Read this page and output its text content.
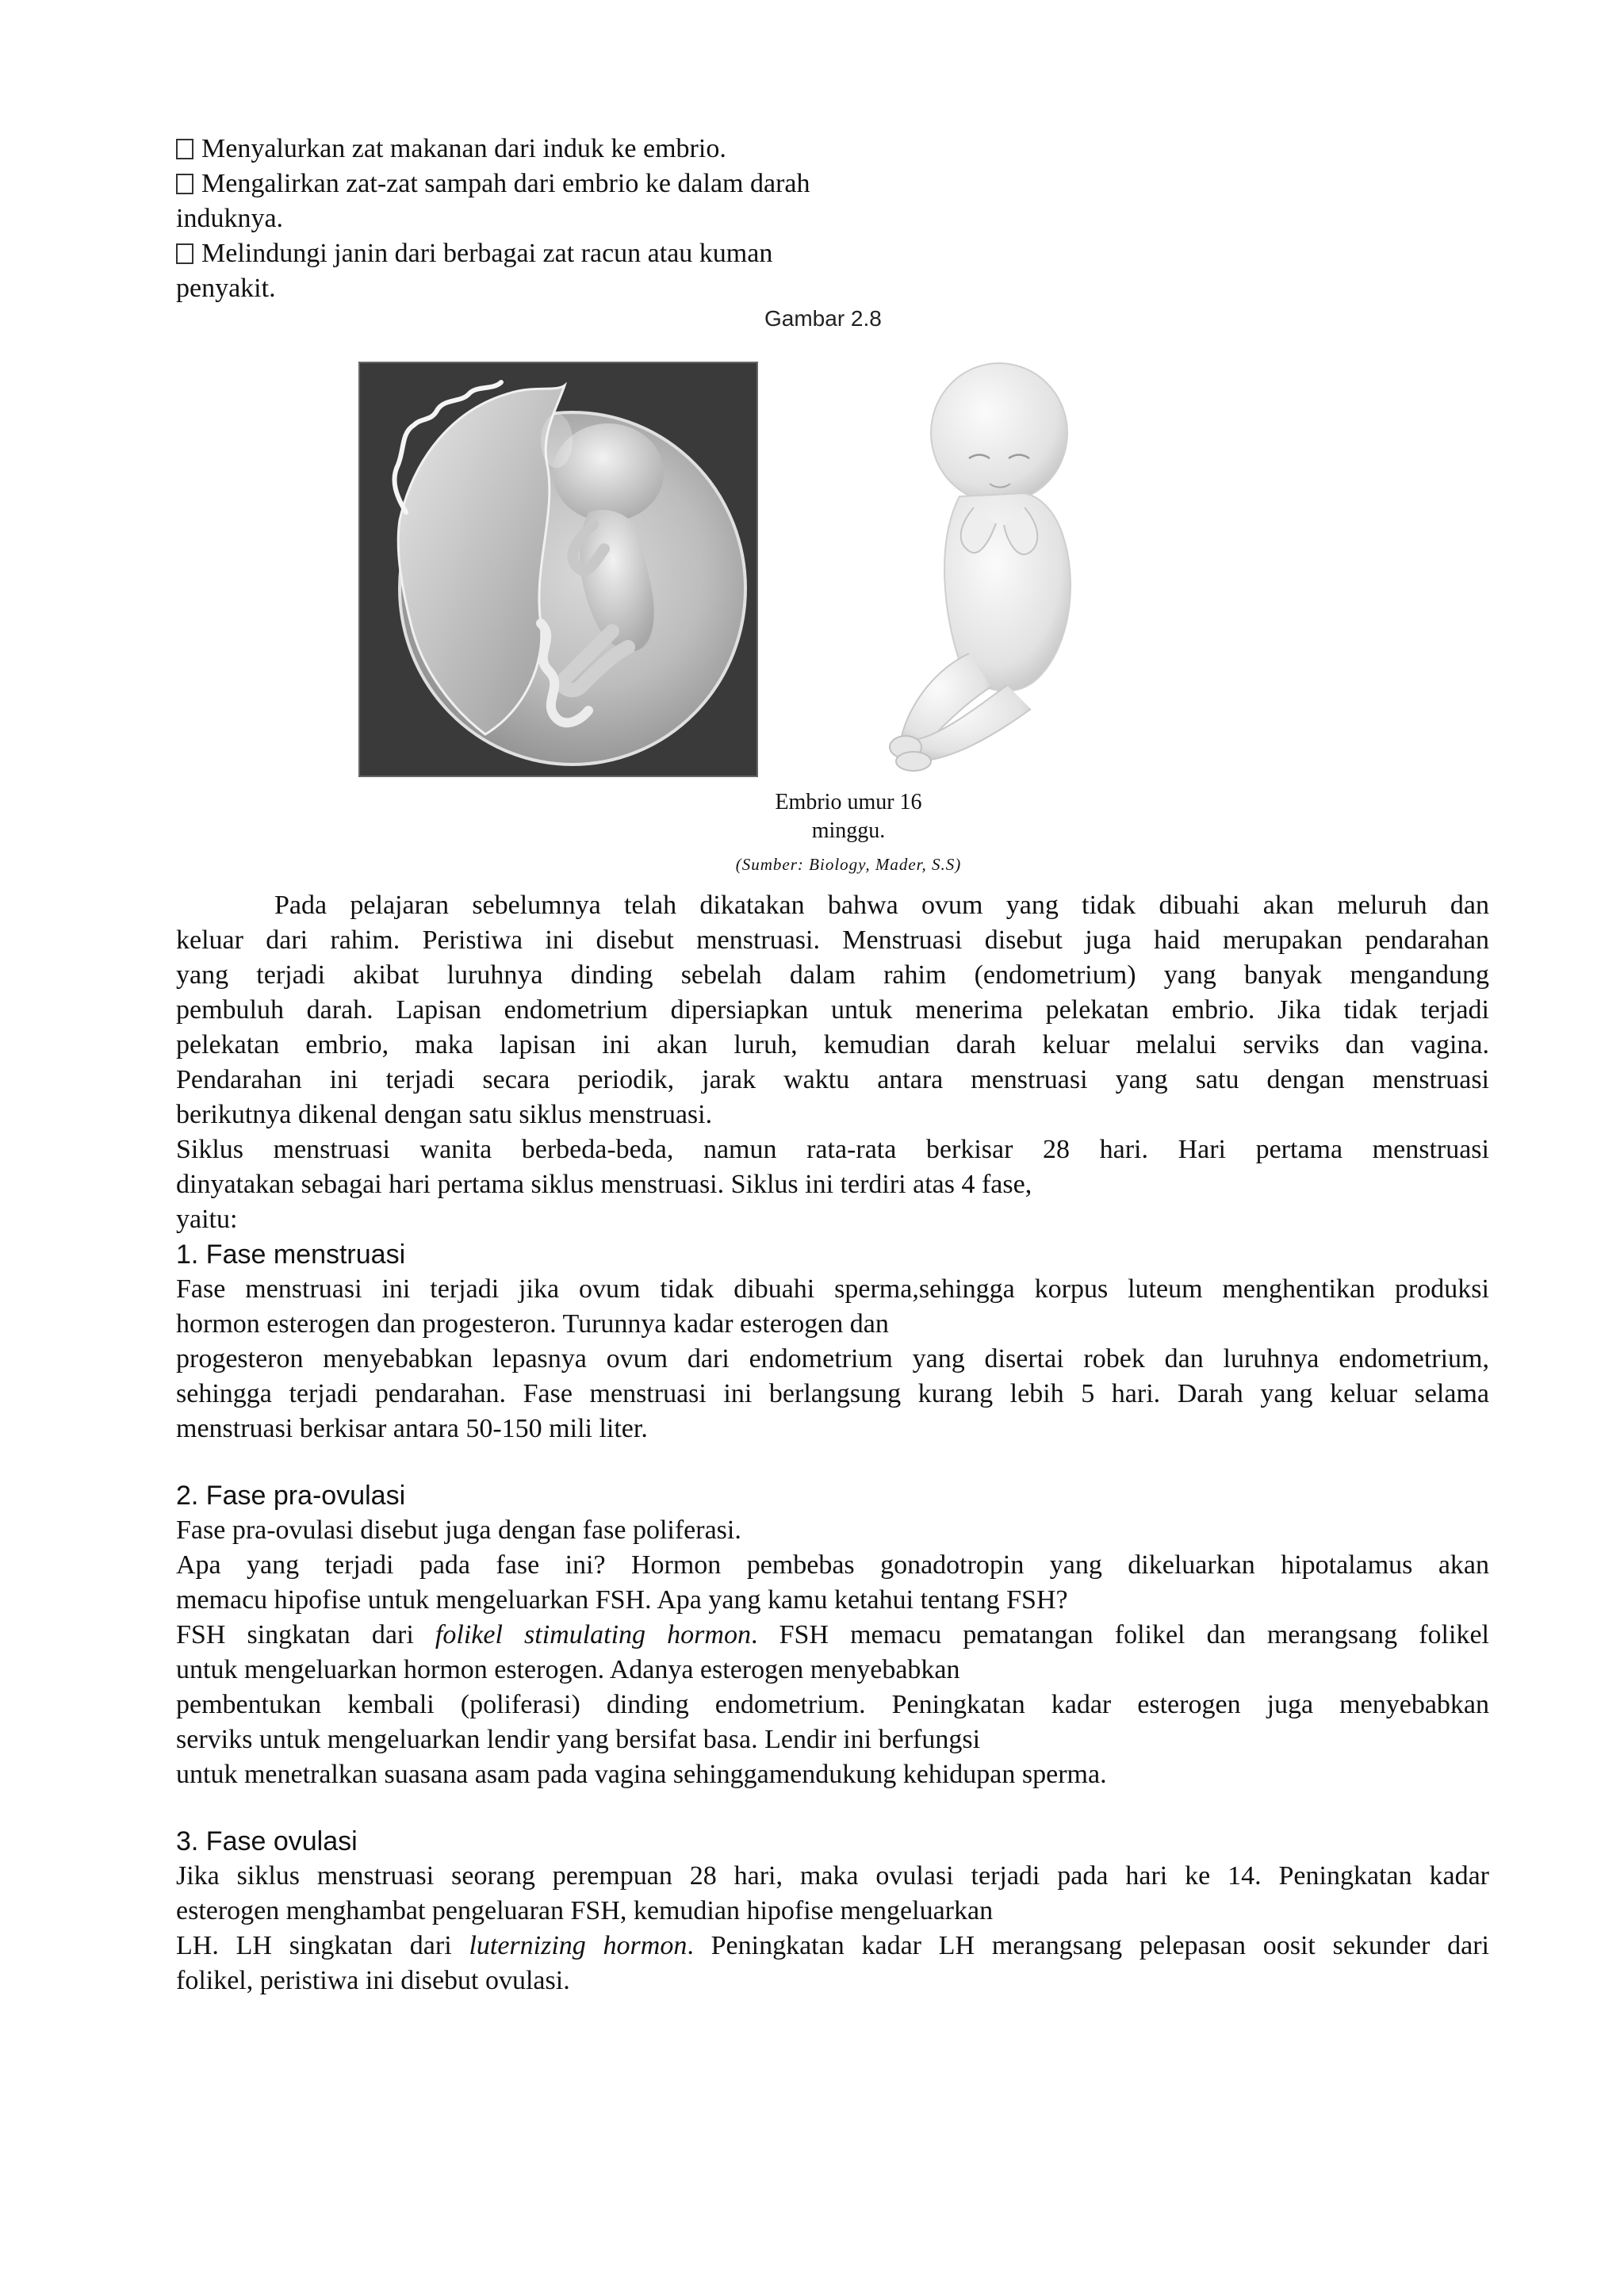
Menyalurkan zat makanan dari induk ke embrio.
Mengalirkan zat-zat sampah dari embrio ke dalam darah
induknya.
Melindungi janin dari berbagai zat racun atau kuman
penyakit.
Gambar 2.8
Embrio umur 16
minggu.
(Sumber: Biology, Mader, S.S)
Pada pelajaran sebelumnya telah dikatakan bahwa ovum yang tidak dibuahi akan meluruh dan
keluar dari rahim. Peristiwa ini disebut menstruasi. Menstruasi disebut juga haid merupakan pendarahan
yang terjadi akibat luruhnya dinding sebelah dalam rahim (endometrium) yang banyak mengandung
pembuluh darah. Lapisan endometrium dipersiapkan untuk menerima pelekatan embrio. Jika tidak terjadi
pelekatan embrio, maka lapisan ini akan luruh, kemudian darah keluar melalui serviks dan vagina.
Pendarahan ini terjadi secara periodik, jarak waktu antara menstruasi yang satu dengan menstruasi
berikutnya dikenal dengan satu siklus menstruasi.
Siklus menstruasi wanita berbeda-beda, namun rata-rata berkisar 28 hari. Hari pertama menstruasi
dinyatakan sebagai hari pertama siklus menstruasi. Siklus ini terdiri atas 4 fase,
yaitu:
1. Fase menstruasi
Fase menstruasi ini terjadi jika ovum tidak dibuahi sperma,sehingga korpus luteum menghentikan produksi
hormon esterogen dan progesteron. Turunnya kadar esterogen dan
progesteron menyebabkan lepasnya ovum dari endometrium yang disertai robek dan luruhnya endometrium,
sehingga terjadi pendarahan. Fase menstruasi ini berlangsung kurang lebih 5 hari. Darah yang keluar selama
menstruasi berkisar antara 50-150 mili liter.
2. Fase pra-ovulasi
Fase pra-ovulasi disebut juga dengan fase poliferasi.
Apa yang terjadi pada fase ini? Hormon pembebas gonadotropin yang dikeluarkan hipotalamus akan
memacu hipofise untuk mengeluarkan FSH. Apa yang kamu ketahui tentang FSH?
FSH singkatan dari folikel stimulating hormon. FSH memacu pematangan folikel dan merangsang folikel
untuk mengeluarkan hormon esterogen. Adanya esterogen menyebabkan
pembentukan kembali (poliferasi) dinding endometrium. Peningkatan kadar esterogen juga menyebabkan
serviks untuk mengeluarkan lendir yang bersifat basa. Lendir ini berfungsi
untuk menetralkan suasana asam pada vagina sehinggamendukung kehidupan sperma.
3. Fase ovulasi
Jika siklus menstruasi seorang perempuan 28 hari, maka ovulasi terjadi pada hari ke 14. Peningkatan kadar
esterogen menghambat pengeluaran FSH, kemudian hipofise mengeluarkan
LH. LH singkatan dari luternizing hormon. Peningkatan kadar LH merangsang pelepasan oosit sekunder dari
folikel, peristiwa ini disebut ovulasi.
